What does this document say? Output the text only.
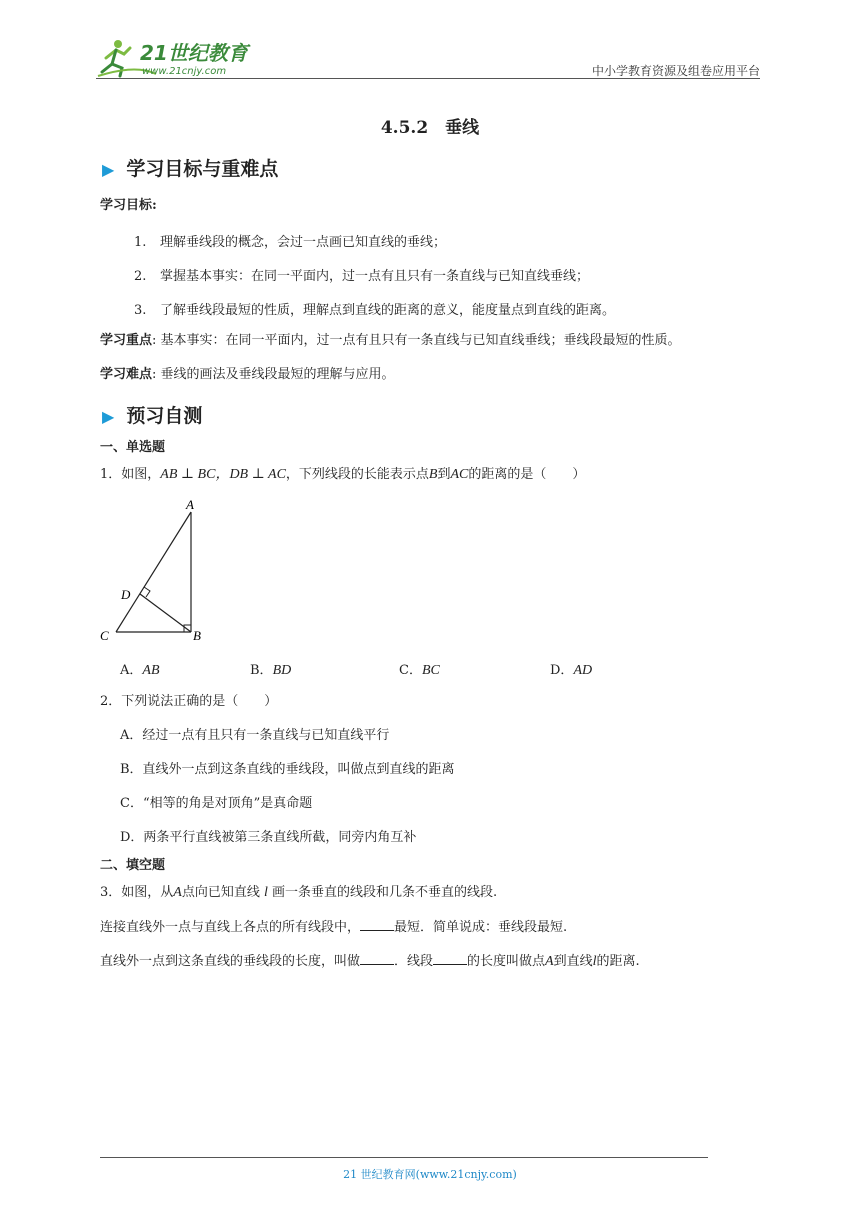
21世纪教育
www.21cnjy.com	中小学教育资源及组卷应用平台
4.5.2　垂线
▶ 学习目标与重难点
学习目标:
1. 理解垂线段的概念，会过一点画已知直线的垂线；
2. 掌握基本事实：在同一平面内，过一点有且只有一条直线与已知直线垂线；
3. 了解垂线段最短的性质，理解点到直线的距离的意义，能度量点到直线的距离。
学习重点: 基本事实：在同一平面内，过一点有且只有一条直线与已知直线垂线；垂线段最短的性质。
学习难点: 垂线的画法及垂线段最短的理解与应用。
▶ 预习自测
一、单选题
1．如图，AB ⊥ BC，DB ⊥ AC，下列线段的长能表示点B到AC的距离的是（　　）
A
D
C	B
A．AB	B．BD	C．BC	D．AD
2．下列说法正确的是（　　）
A．经过一点有且只有一条直线与已知直线平行
B．直线外一点到这条直线的垂线段，叫做点到直线的距离
C．“相等的角是对顶角”是真命题
D．两条平行直线被第三条直线所截，同旁内角互补
二、填空题
3．如图，从A点向已知直线 l 画一条垂直的线段和几条不垂直的线段.
连接直线外一点与直线上各点的所有线段中，	最短．简单说成：垂线段最短.
直线外一点到这条直线的垂线段的长度，叫做	．线段	的长度叫做点A到直线l的距离.
21 世纪教育网(www.21cnjy.com)
